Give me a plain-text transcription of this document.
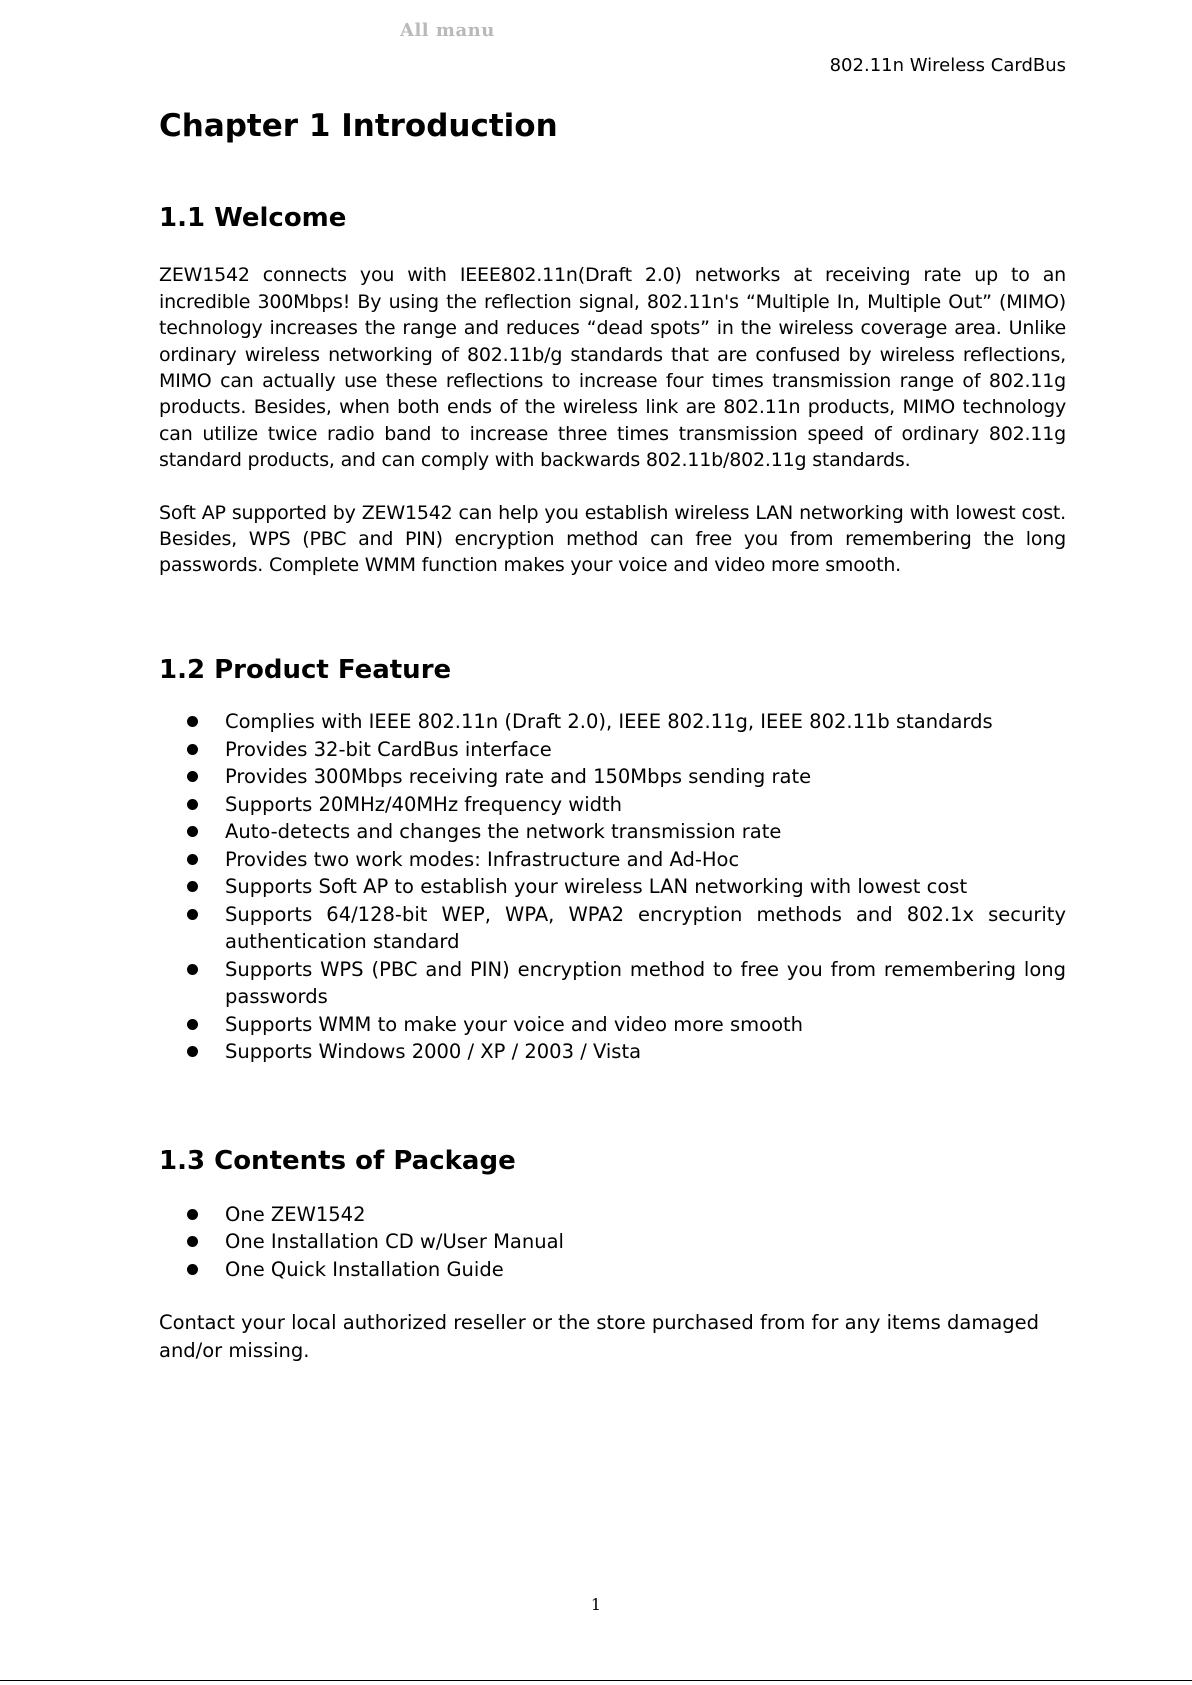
All manu
802.11n Wireless CardBus
Chapter 1 Introduction
1.1 Welcome

ZEW1542 connects you with IEEE802.11n(Draft 2.0) networks at receiving rate up to an incredible 300Mbps! By using the reflection signal, 802.11n's “Multiple In, Multiple Out” (MIMO) technology increases the range and reduces “dead spots” in the wireless coverage area. Unlike ordinary wireless networking of 802.11b/g standards that are confused by wireless reflections, MIMO can actually use these reflections to increase four times transmission range of 802.11g products. Besides, when both ends of the wireless link are 802.11n products, MIMO technology can utilize twice radio band to increase three times transmission speed of ordinary 802.11g standard products, and can comply with backwards 802.11b/802.11g standards.

Soft AP supported by ZEW1542 can help you establish wireless LAN networking with lowest cost. Besides, WPS (PBC and PIN) encryption method can free you from remembering the long passwords. Complete WMM function makes your voice and video more smooth.

1.2 Product Feature
Complies with IEEE 802.11n (Draft 2.0), IEEE 802.11g, IEEE 802.11b standards
Provides 32-bit CardBus interface
Provides 300Mbps receiving rate and 150Mbps sending rate
Supports 20MHz/40MHz frequency width
Auto-detects and changes the network transmission rate
Provides two work modes: Infrastructure and Ad-Hoc
Supports Soft AP to establish your wireless LAN networking with lowest cost
Supports 64/128-bit WEP, WPA, WPA2 encryption methods and 802.1x security authentication standard
Supports WPS (PBC and PIN) encryption method to free you from remembering long passwords
Supports WMM to make your voice and video more smooth
Supports Windows 2000 / XP / 2003 / Vista
1.3 Contents of Package
One ZEW1542
One Installation CD w/User Manual
One Quick Installation Guide

Contact your local authorized reseller or the store purchased from for any items damaged and/or missing.

1
